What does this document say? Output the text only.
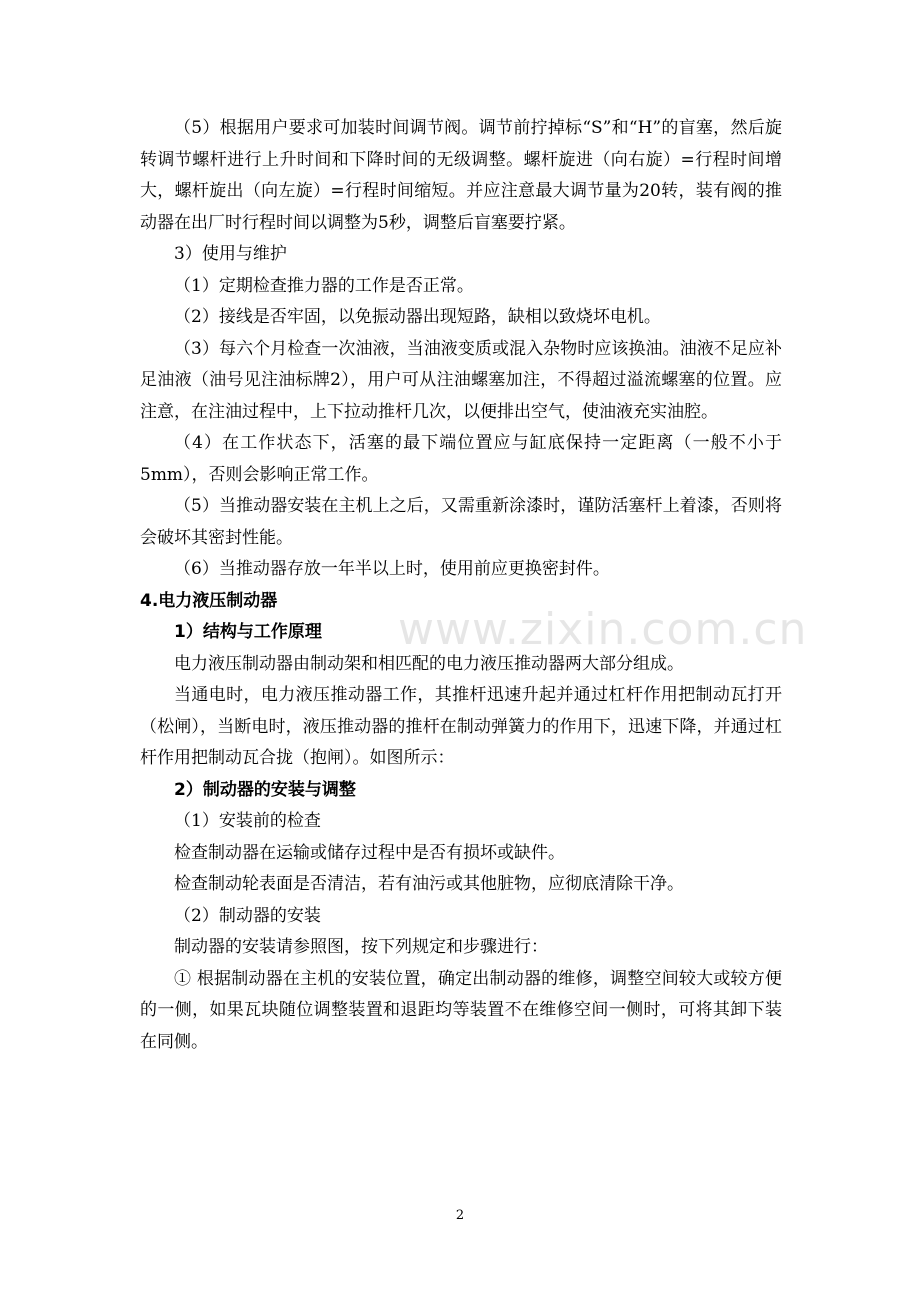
（5）根据用户要求可加装时间调节阀。调节前拧掉标“S”和“H”的盲塞，然后旋转调节螺杆进行上升时间和下降时间的无级调整。螺杆旋进（向右旋）=行程时间增大，螺杆旋出（向左旋）=行程时间缩短。并应注意最大调节量为20转，装有阀的推动器在出厂时行程时间以调整为5秒，调整后盲塞要拧紧。

3）使用与维护

（1）定期检查推力器的工作是否正常。

（2）接线是否牢固，以免振动器出现短路，缺相以致烧坏电机。

（3）每六个月检查一次油液，当油液变质或混入杂物时应该换油。油液不足应补足油液（油号见注油标牌2），用户可从注油螺塞加注，不得超过溢流螺塞的位置。应注意，在注油过程中，上下拉动推杆几次，以便排出空气，使油液充实油腔。

（4）在工作状态下，活塞的最下端位置应与缸底保持一定距离（一般不小于5mm），否则会影响正常工作。

（5）当推动器安装在主机上之后，又需重新涂漆时，谨防活塞杆上着漆，否则将会破坏其密封性能。

（6）当推动器存放一年半以上时，使用前应更换密封件。

4.电力液压制动器

1）结构与工作原理

电力液压制动器由制动架和相匹配的电力液压推动器两大部分组成。

当通电时，电力液压推动器工作，其推杆迅速升起并通过杠杆作用把制动瓦打开（松闸），当断电时，液压推动器的推杆在制动弹簧力的作用下，迅速下降，并通过杠杆作用把制动瓦合拢（抱闸）。如图所示：

2）制动器的安装与调整

（1）安装前的检查

检查制动器在运输或储存过程中是否有损坏或缺件。

检查制动轮表面是否清洁，若有油污或其他脏物，应彻底清除干净。

（2）制动器的安装

制动器的安装请参照图，按下列规定和步骤进行：

① 根据制动器在主机的安装位置，确定出制动器的维修，调整空间较大或较方便的一侧，如果瓦块随位调整装置和退距均等装置不在维修空间一侧时，可将其卸下装在同侧。

www.zixin.com.cn
2
